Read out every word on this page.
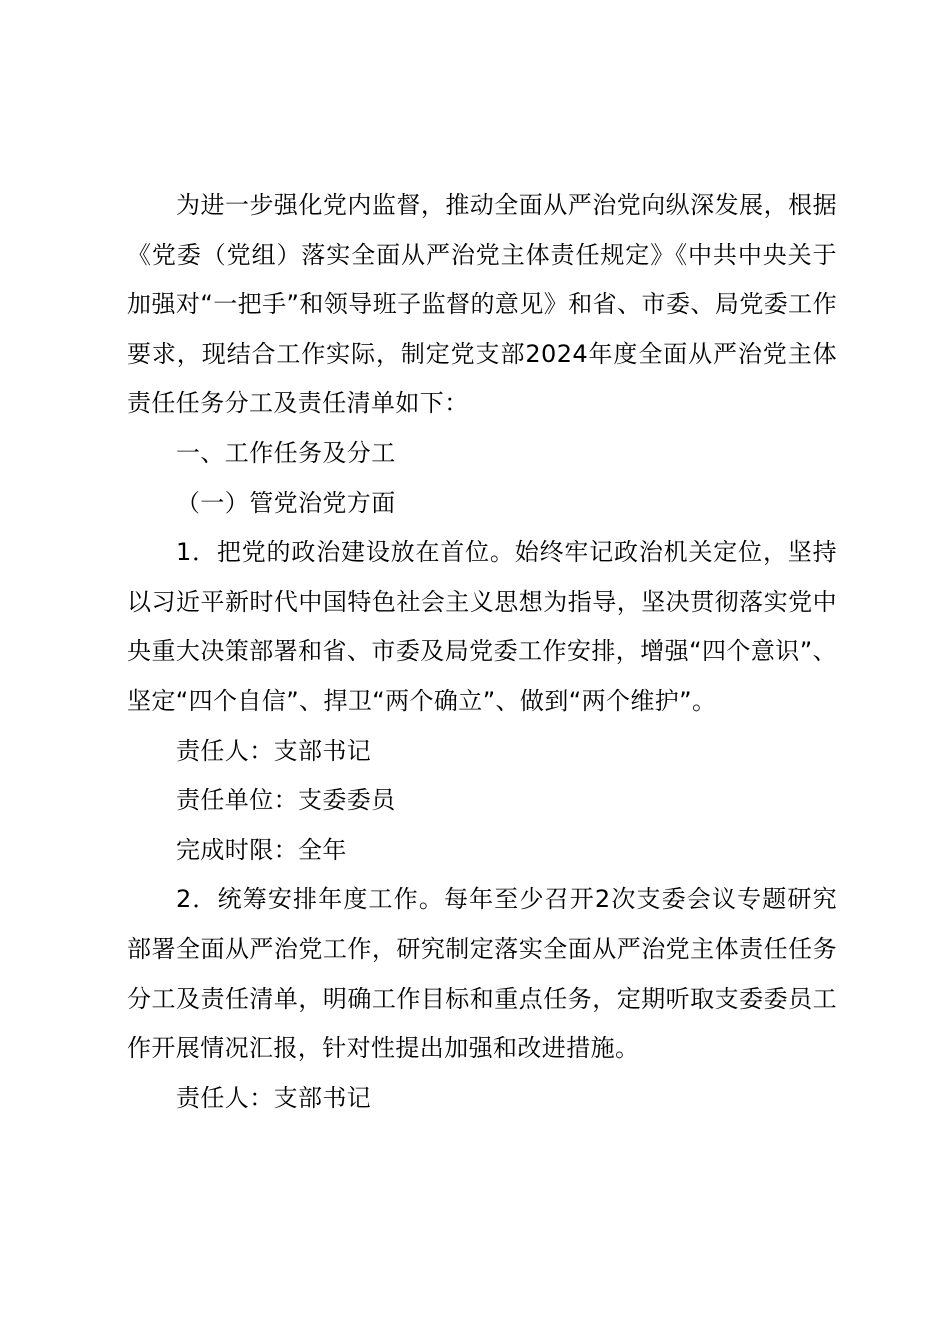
为进一步强化党内监督，推动全面从严治党向纵深发展，根据《党委（党组）落实全面从严治党主体责任规定》《中共中央关于加强对“一把手”和领导班子监督的意见》和省、市委、局党委工作要求，现结合工作实际，制定党支部2024年度全面从严治党主体责任任务分工及责任清单如下：

一、工作任务及分工

（一）管党治党方面

1．把党的政治建设放在首位。始终牢记政治机关定位，坚持以习近平新时代中国特色社会主义思想为指导，坚决贯彻落实党中央重大决策部署和省、市委及局党委工作安排，增强“四个意识”、坚定“四个自信”、捍卫“两个确立”、做到“两个维护”。

责任人：支部书记

责任单位：支委委员

完成时限：全年

2．统筹安排年度工作。每年至少召开2次支委会议专题研究部署全面从严治党工作，研究制定落实全面从严治党主体责任任务分工及责任清单，明确工作目标和重点任务，定期听取支委委员工作开展情况汇报，针对性提出加强和改进措施。

责任人：支部书记
